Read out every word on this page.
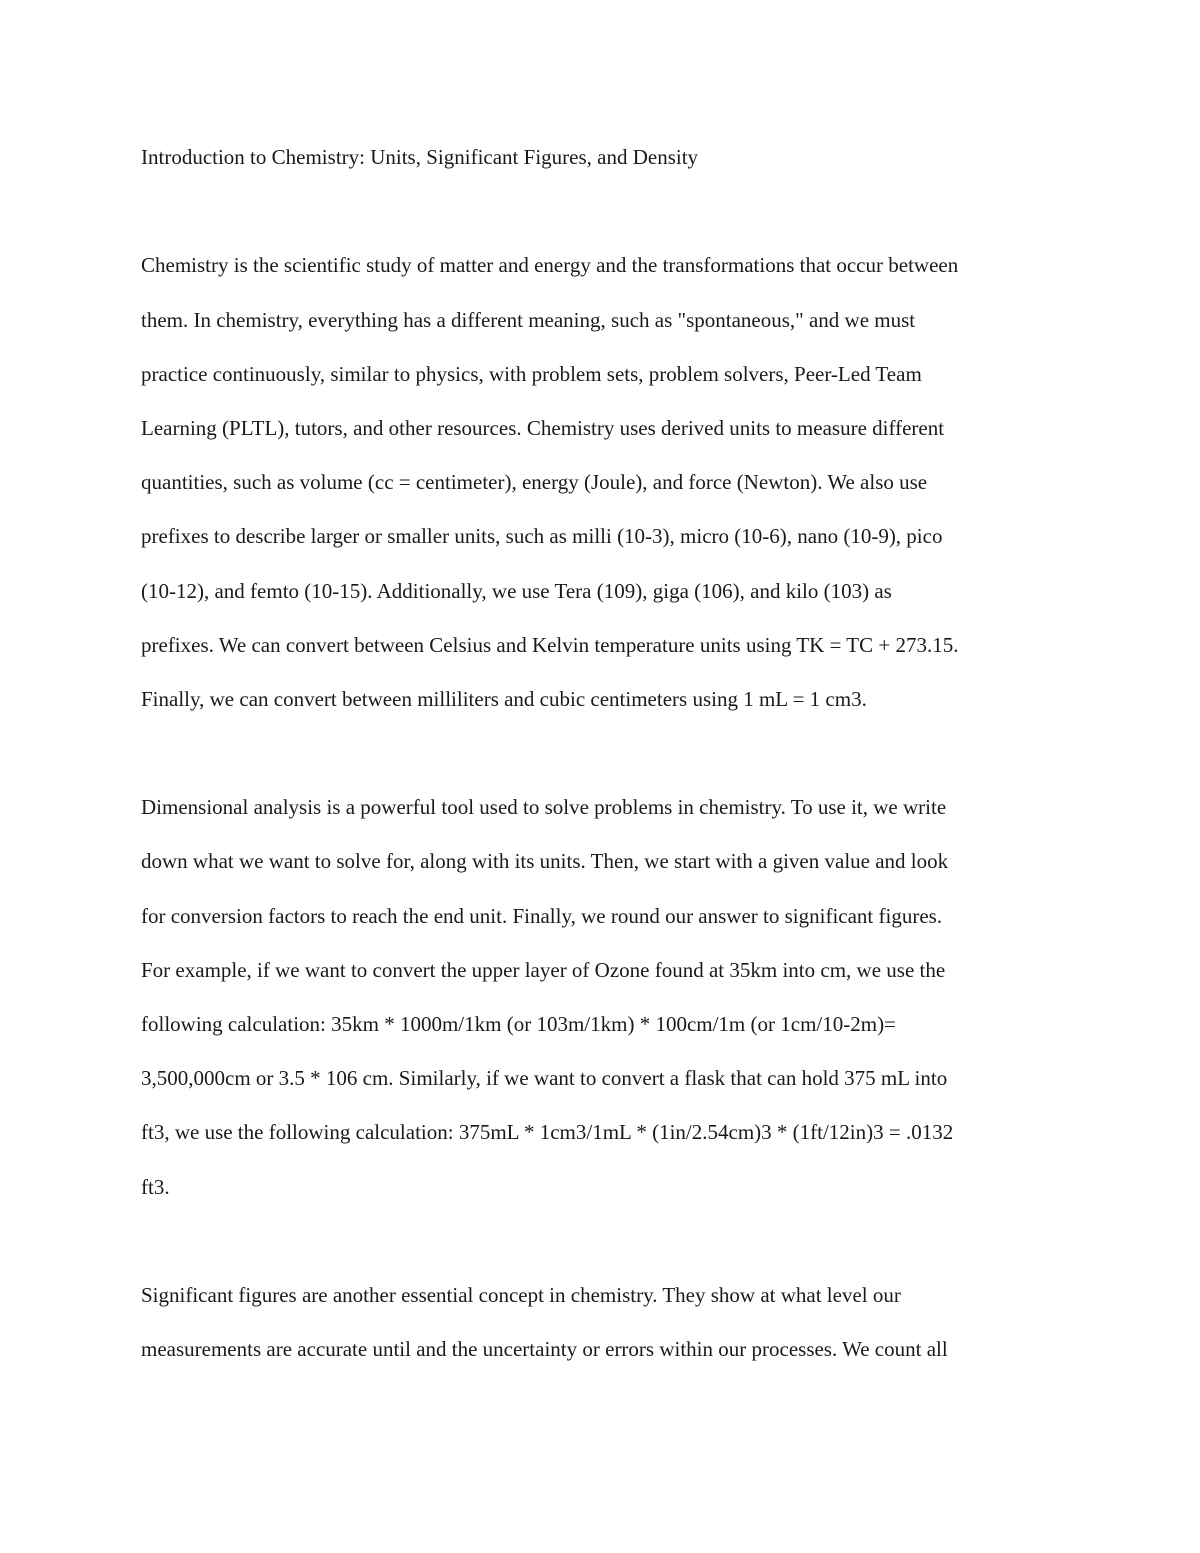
Introduction to Chemistry: Units, Significant Figures, and Density
Chemistry is the scientific study of matter and energy and the transformations that occur between
them. In chemistry, everything has a different meaning, such as "spontaneous," and we must
practice continuously, similar to physics, with problem sets, problem solvers, Peer-Led Team
Learning (PLTL), tutors, and other resources. Chemistry uses derived units to measure different
quantities, such as volume (cc = centimeter), energy (Joule), and force (Newton). We also use
prefixes to describe larger or smaller units, such as milli (10-3), micro (10-6), nano (10-9), pico
(10-12), and femto (10-15). Additionally, we use Tera (109), giga (106), and kilo (103) as
prefixes. We can convert between Celsius and Kelvin temperature units using TK = TC + 273.15.
Finally, we can convert between milliliters and cubic centimeters using 1 mL = 1 cm3.
Dimensional analysis is a powerful tool used to solve problems in chemistry. To use it, we write
down what we want to solve for, along with its units. Then, we start with a given value and look
for conversion factors to reach the end unit. Finally, we round our answer to significant figures.
For example, if we want to convert the upper layer of Ozone found at 35km into cm, we use the
following calculation: 35km * 1000m/1km (or 103m/1km) * 100cm/1m (or 1cm/10-2m)=
3,500,000cm or 3.5 * 106 cm. Similarly, if we want to convert a flask that can hold 375 mL into
ft3, we use the following calculation: 375mL * 1cm3/1mL * (1in/2.54cm)3 * (1ft/12in)3 = .0132
ft3.
Significant figures are another essential concept in chemistry. They show at what level our
measurements are accurate until and the uncertainty or errors within our processes. We count all
